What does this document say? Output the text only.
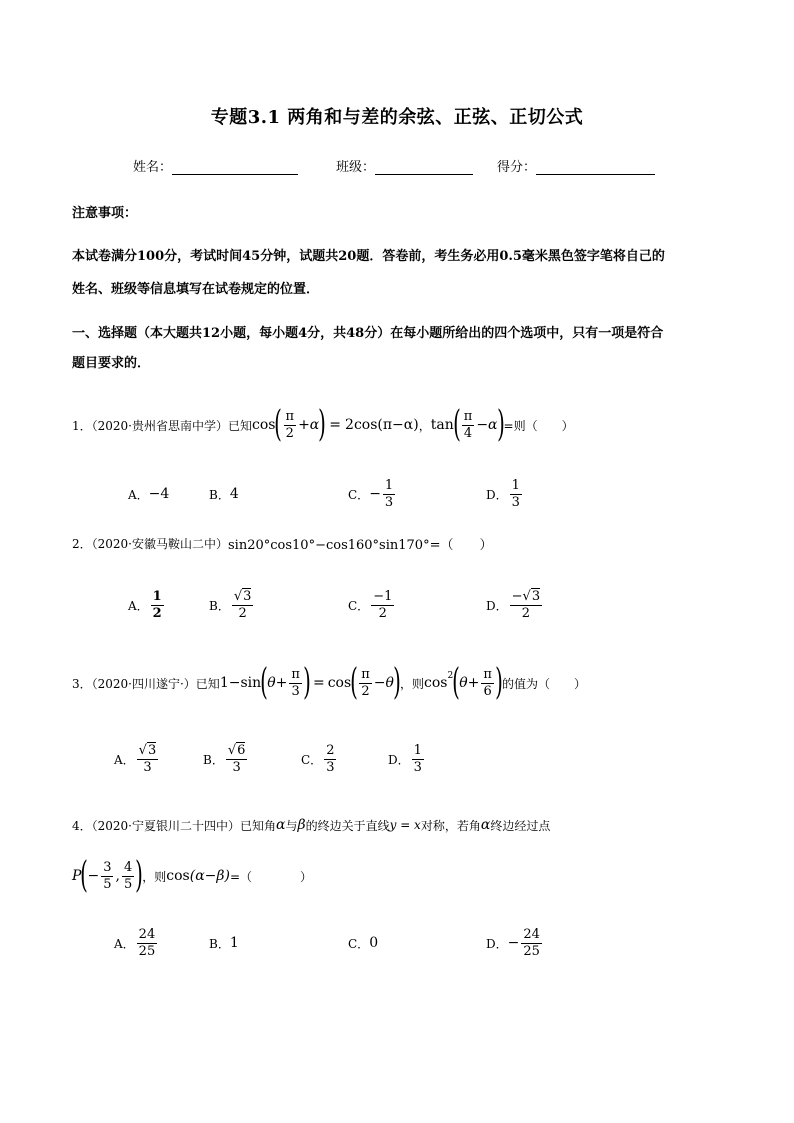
专题3.1 两角和与差的余弦、正弦、正切公式
姓名：	班级：	得分：
注意事项：
本试卷满分100分，考试时间45分钟，试题共20题．答卷前，考生务必用0.5毫米黑色签字笔将自己的
姓名、班级等信息填写在试卷规定的位置．
一、选择题（本大题共12小题，每小题4分，共48分）在每小题所给出的四个选项中，只有一项是符合
题目要求的．
1．（2020·贵州省思南中学）已知 cos ( $\frac{\pi}{2} +\alpha$ ) = 2cos(π−α) ， tan ( $\frac{\pi}{4} -\alpha$ ) =则（　　）
A． −4	B． 4	C． − $\frac{1}{3}$	D． $\frac{1}{3}$
2．（2020·安徽马鞍山二中） sin20°cos10°−cos160°sin170°=（　　）
A． $\frac{1}{2}$	B． $\frac{√3}{2}$	C． $\frac{-1}{2}$	D． $\frac{-√3}{2}$
3．（2020·四川遂宁·）已知 1−sin ( $\theta+ \frac{\pi}{3}$ ) = cos ( $\frac{\pi}{2} -\theta$ ) ，则 $\cos^2$ ( $\theta+ \frac{\pi}{6}$ ) 的值为（　　）
A． $\frac{√3}{3}$	B． $\frac{√6}{3}$	C． $\frac{2}{3}$	D． $\frac{1}{3}$
4．（2020·宁夏银川二十四中）已知角 α 与 β 的终边关于直线 y = x 对称，若角 α 终边经过点
P ( − $\frac{3}{5}$ , $\frac{4}{5}$ ) ，则 cos (α−β) =（　　　　）
A． $\frac{24}{25}$	B． 1	C． 0	D． − $\frac{24}{25}$
